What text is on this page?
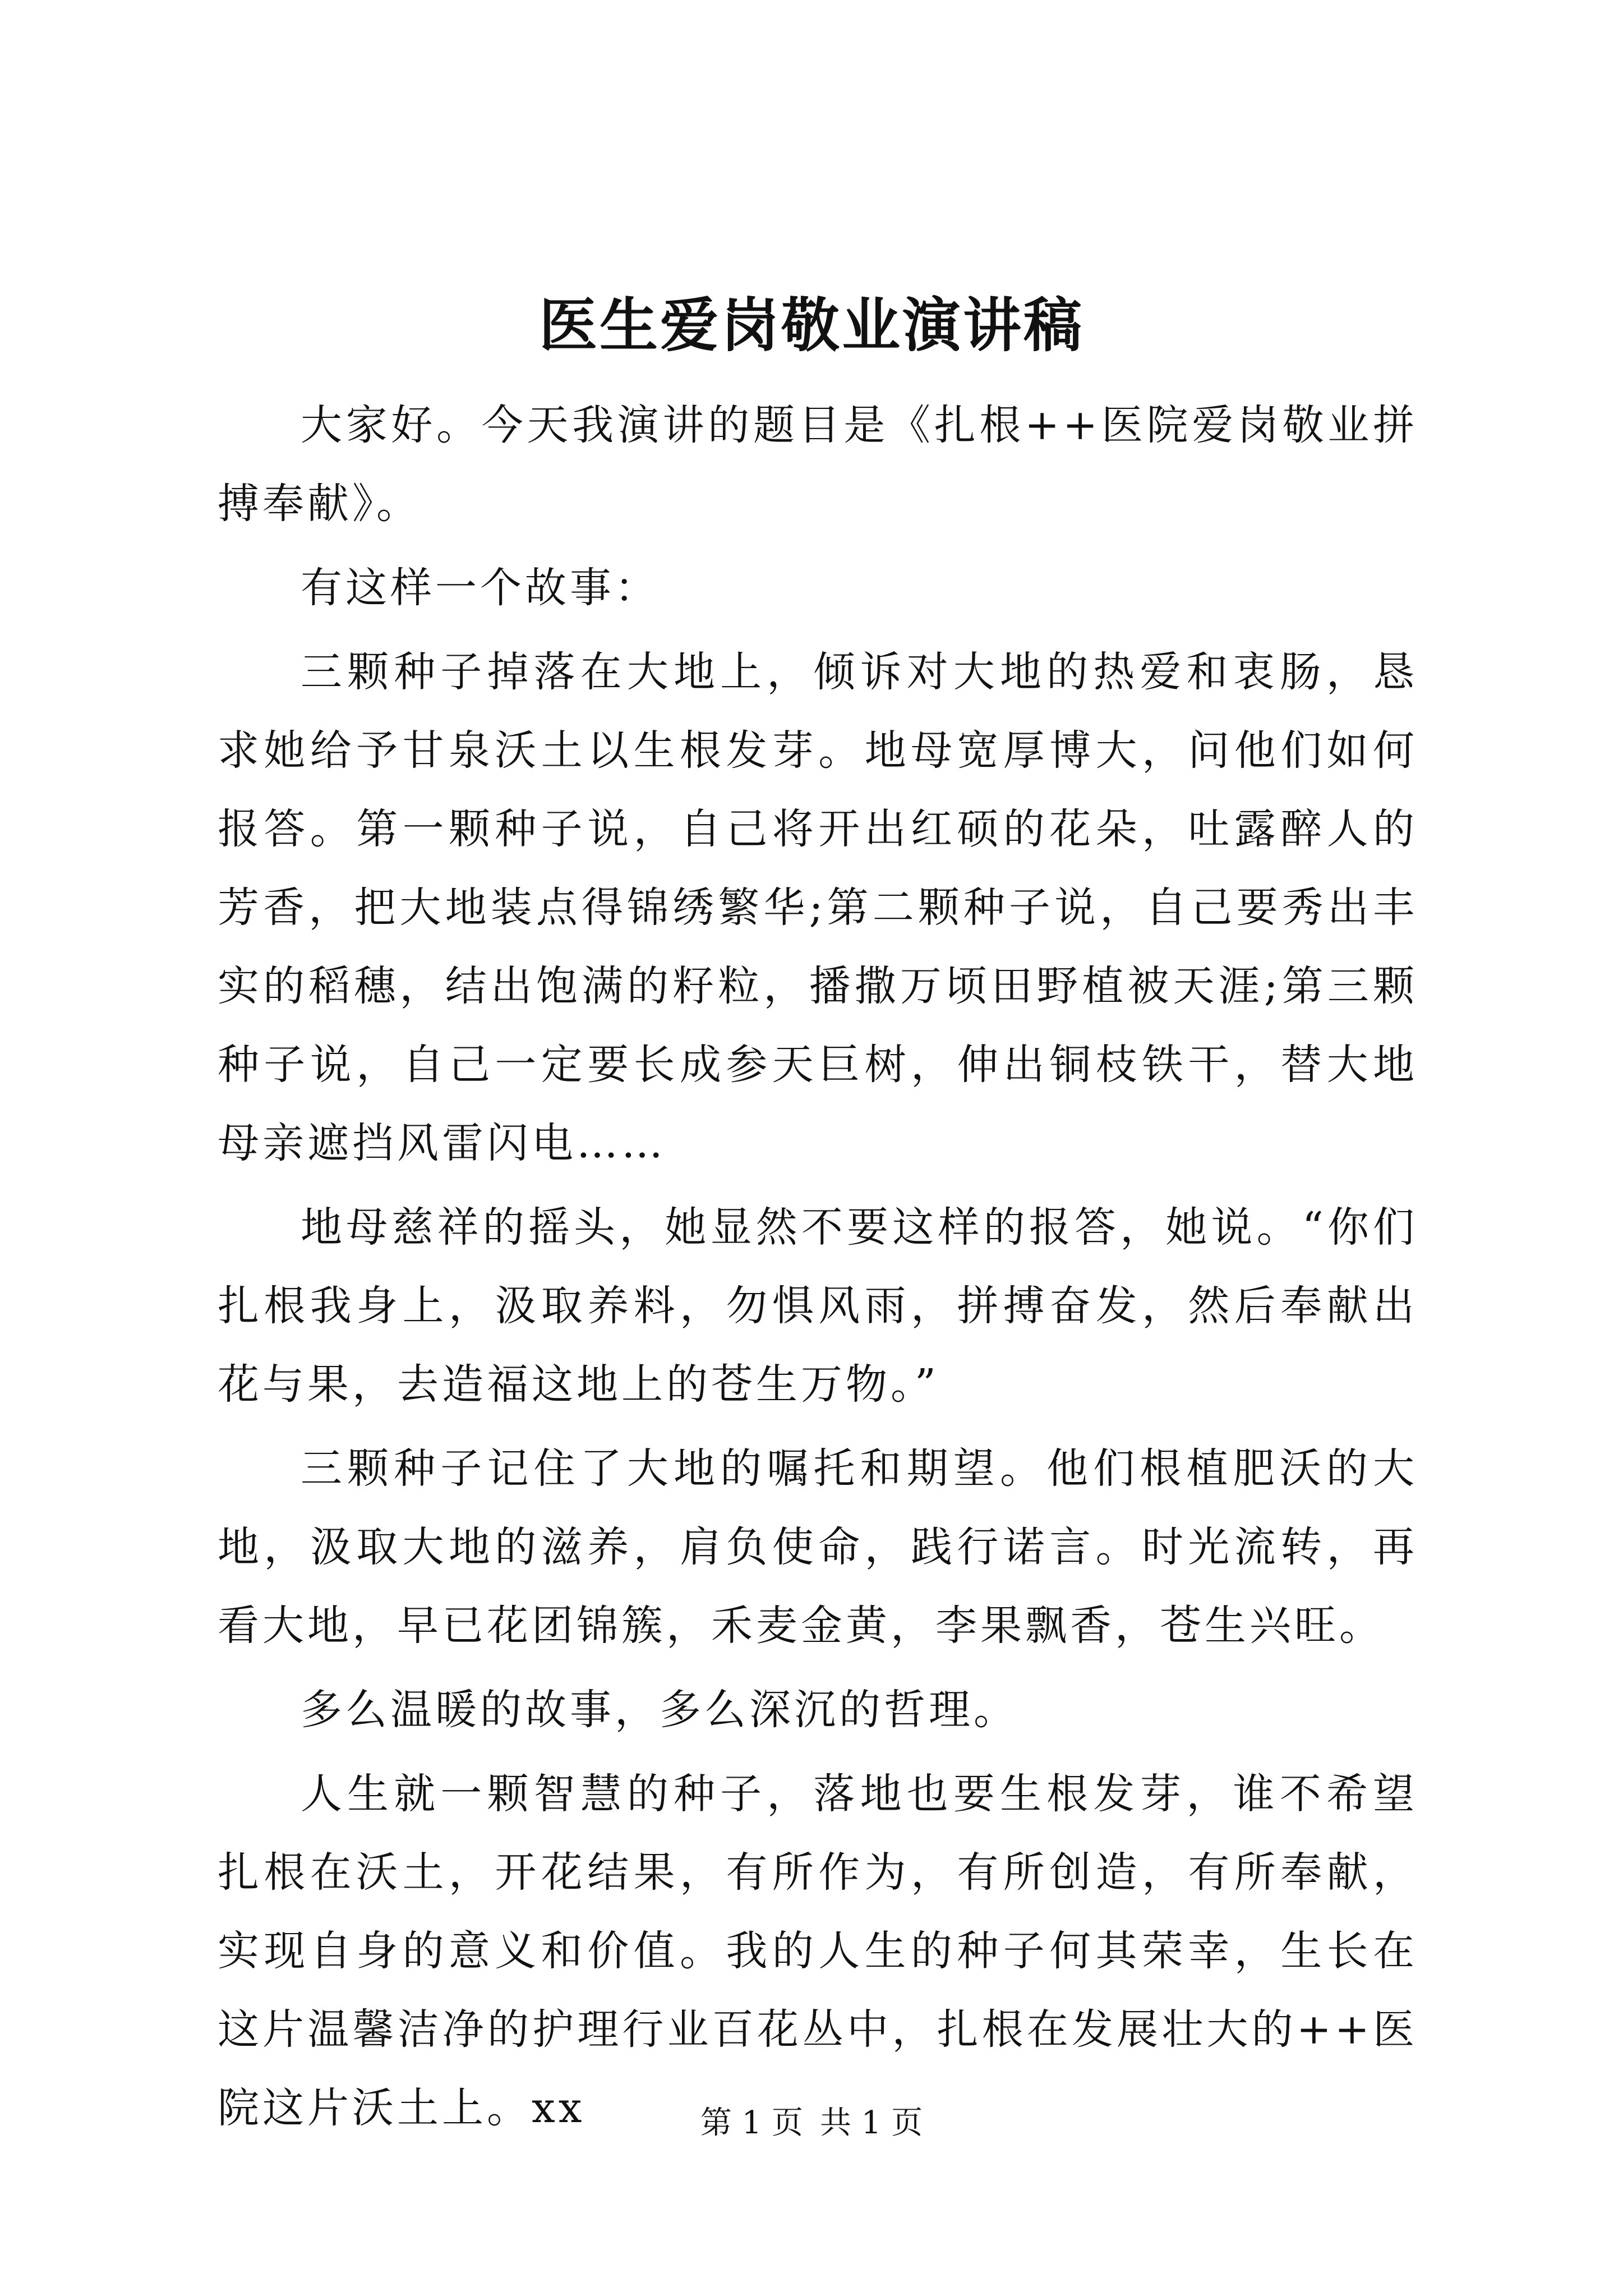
医生爱岗敬业演讲稿

大家好。今天我演讲的题目是《扎根++医院爱岗敬业拼搏奉献》。

有这样一个故事：

三颗种子掉落在大地上，倾诉对大地的热爱和衷肠，恳求她给予甘泉沃土以生根发芽。地母宽厚博大，问他们如何报答。第一颗种子说，自己将开出红硕的花朵，吐露醉人的芳香，把大地装点得锦绣繁华;第二颗种子说，自己要秀出丰实的稻穗，结出饱满的籽粒，播撒万顷田野植被天涯;第三颗种子说，自己一定要长成参天巨树，伸出铜枝铁干，替大地母亲遮挡风雷闪电……

地母慈祥的摇头，她显然不要这样的报答，她说。“你们扎根我身上，汲取养料，勿惧风雨，拼搏奋发，然后奉献出花与果，去造福这地上的苍生万物。”

三颗种子记住了大地的嘱托和期望。他们根植肥沃的大地，汲取大地的滋养，肩负使命，践行诺言。时光流转，再看大地，早已花团锦簇，禾麦金黄，李果飘香，苍生兴旺。

多么温暖的故事，多么深沉的哲理。

人生就一颗智慧的种子，落地也要生根发芽，谁不希望扎根在沃土，开花结果，有所作为，有所创造，有所奉献，实现自身的意义和价值。我的人生的种子何其荣幸，生长在这片温馨洁净的护理行业百花丛中，扎根在发展壮大的++医院这片沃土上。xx	第 1 页 共 1 页
